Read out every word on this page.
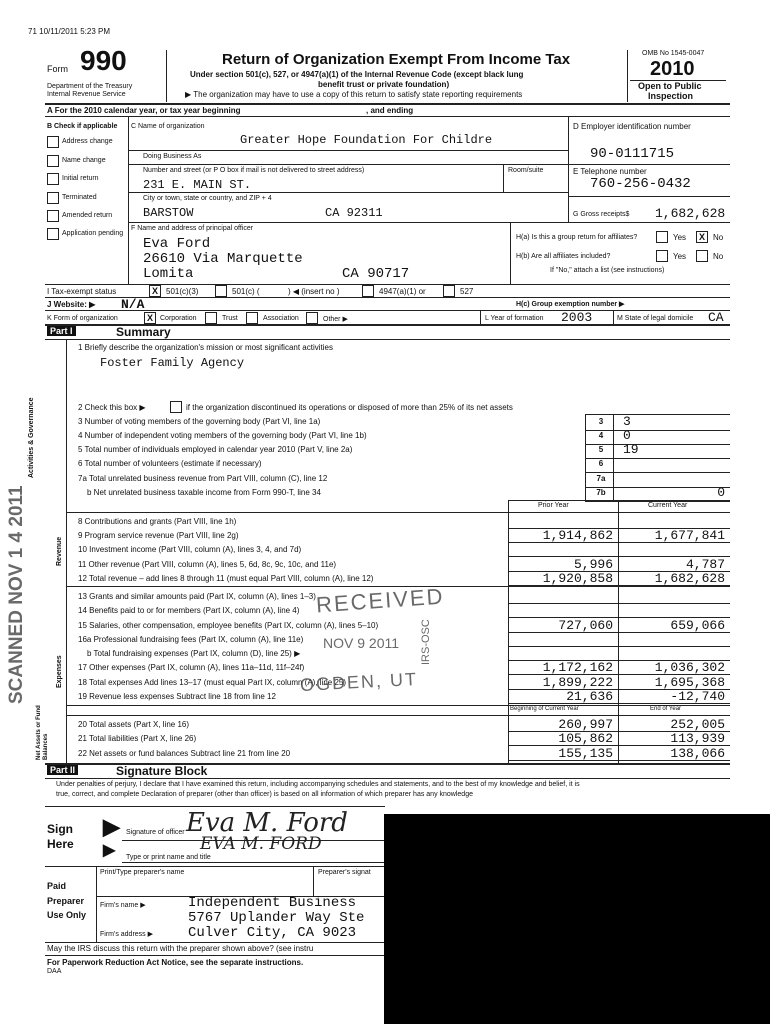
71 10/11/2011 5:23 PM
Form 990
Department of the Treasury
Internal Revenue Service
Return of Organization Exempt From Income Tax
Under section 501(c), 527, or 4947(a)(1) of the Internal Revenue Code (except black lung
benefit trust or private foundation)
▶ The organization may have to use a copy of this return to satisfy state reporting requirements
OMB No 1545-0047
2010
Open to Public
Inspection
A For the 2010 calendar year, or tax year beginning	, and ending
B Check if applicable
Address change
Name change
Initial return
Terminated
Amended return
Application pending
C Name of organization
Greater Hope Foundation For Childre
Doing Business As
Number and street (or P O box if mail is not delivered to street address)	Room/suite
231 E. MAIN ST.
City or town, state or country, and ZIP + 4
BARSTOW	CA 92311
D Employer identification number
90-0111715
E Telephone number
760-256-0432
G Gross receipts$ 1,682,628
F Name and address of principal officer
Eva Ford
26610 Via Marquette
Lomita	CA 90717
H(a) Is this a group return for affiliates?	Yes	X	No
H(b) Are all affiliates included?	Yes	No
If "No," attach a list (see instructions)
I Tax-exempt status	X	501(c)(3)	501(c) (	) ◀ (insert no )	4947(a)(1) or	527
J Website: ▶ N/A	H(c) Group exemption number ▶
K Form of organization	X	Corporation	Trust	Association	Other ▶	L Year of formation 2003	M State of legal domicile CA
Part I	Summary
Activities & Governance
Revenue
Expenses
Net Assets or Fund Balances
1 Briefly describe the organization's mission or most significant activities
Foster Family Agency
2 Check this box ▶	if the organization discontinued its operations or disposed of more than 25% of its net assets
3 Number of voting members of the governing body (Part VI, line 1a)	3	3
4 Number of independent voting members of the governing body (Part VI, line 1b)	4	0
5 Total number of individuals employed in calendar year 2010 (Part V, line 2a)	5	19
6 Total number of volunteers (estimate if necessary)	6
7a Total unrelated business revenue from Part VIII, column (C), line 12	7a
b Net unrelated business taxable income from Form 990-T, line 34	7b	0
Prior Year	Current Year
8 Contributions and grants (Part VIII, line 1h)
9 Program service revenue (Part VIII, line 2g)	1,914,862	1,677,841
10 Investment income (Part VIII, column (A), lines 3, 4, and 7d)
11 Other revenue (Part VIII, column (A), lines 5, 6d, 8c, 9c, 10c, and 11e)	5,996	4,787
12 Total revenue – add lines 8 through 11 (must equal Part VIII, column (A), line 12)	1,920,858	1,682,628
13 Grants and similar amounts paid (Part IX, column (A), lines 1–3)
14 Benefits paid to or for members (Part IX, column (A), line 4)
15 Salaries, other compensation, employee benefits (Part IX, column (A), lines 5–10)	727,060	659,066
16a Professional fundraising fees (Part IX, column (A), line 11e)
b Total fundraising expenses (Part IX, column (D), line 25) ▶
17 Other expenses (Part IX, column (A), lines 11a–11d, 11f–24f)	1,172,162	1,036,302
18 Total expenses Add lines 13–17 (must equal Part IX, column (A), line 25)	1,899,222	1,695,368
19 Revenue less expenses Subtract line 18 from line 12	21,636	-12,740
Beginning of Current Year	End of Year
20 Total assets (Part X, line 16)	260,997	252,005
21 Total liabilities (Part X, line 26)	105,862	113,939
22 Net assets or fund balances Subtract line 21 from line 20	155,135	138,066
Part II	Signature Block
Under penalties of perjury, I declare that I have examined this return, including accompanying schedules and statements, and to the best of my knowledge and belief, it is
true, correct, and complete Declaration of preparer (other than officer) is based on all information of which preparer has any knowledge
Sign
Here
▶
▶
Signature of officer Eva M. Ford
EVA M. FORD
Type or print name and title
Paid
Preparer
Use Only
Print/Type preparer's name	Preparer's signat
Firm's name ▶	Independent Business
5767 Uplander Way Ste
Firm's address ▶ Culver City, CA 9023
May the IRS discuss this return with the preparer shown above? (see instru
For Paperwork Reduction Act Notice, see the separate instructions.
DAA
RECEIVED
NOV 9 2011
OGDEN, UT
IRS-OSC
SCANNED NOV 1 4 2011
